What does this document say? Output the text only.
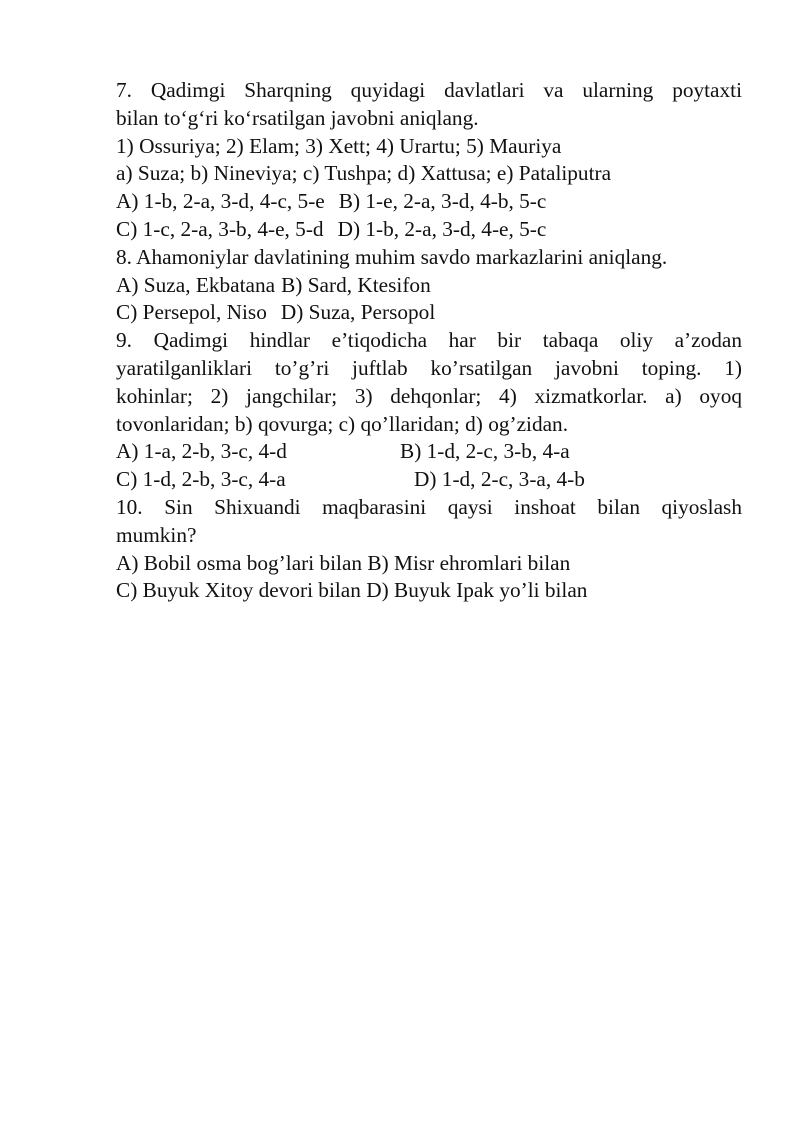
7. Qadimgi Sharqning quyidagi davlatlari va ularning poytaxti
bilan to‘g‘ri ko‘rsatilgan javobni aniqlang.
1) Ossuriya; 2) Elam; 3) Xett; 4) Urartu; 5) Mauriya
a) Suza; b) Nineviya; c) Tushpa; d) Xattusa; e) Pataliputra
A) 1-b, 2-a, 3-d, 4-c, 5-e B) 1-e, 2-a, 3-d, 4-b, 5-c
C) 1-c, 2-a, 3-b, 4-e, 5-d D) 1-b, 2-a, 3-d, 4-e, 5-c
8. Ahamoniylar davlatining muhim savdo markazlarini aniqlang.
A) Suza, Ekbatana B) Sard, Ktesifon
C) Persepol, Niso D) Suza, Persopol
9. Qadimgi hindlar e’tiqodicha har bir tabaqa oliy a’zodan
yaratilganliklari to’g’ri juftlab ko’rsatilgan javobni toping. 1)
kohinlar; 2) jangchilar; 3) dehqonlar; 4) xizmatkorlar. a) oyoq
tovonlaridan; b) qovurga; c) qo’llaridan; d) og’zidan.
A) 1-a, 2-b, 3-c, 4-d	B) 1-d, 2-c, 3-b, 4-a
C) 1-d, 2-b, 3-c, 4-a	D) 1-d, 2-c, 3-a, 4-b
10. Sin Shixuandi maqbarasini qaysi inshoat bilan qiyoslash
mumkin?
A) Bobil osma bog’lari bilan B) Misr ehromlari bilan
C) Buyuk Xitoy devori bilan D) Buyuk Ipak yo’li bilan
